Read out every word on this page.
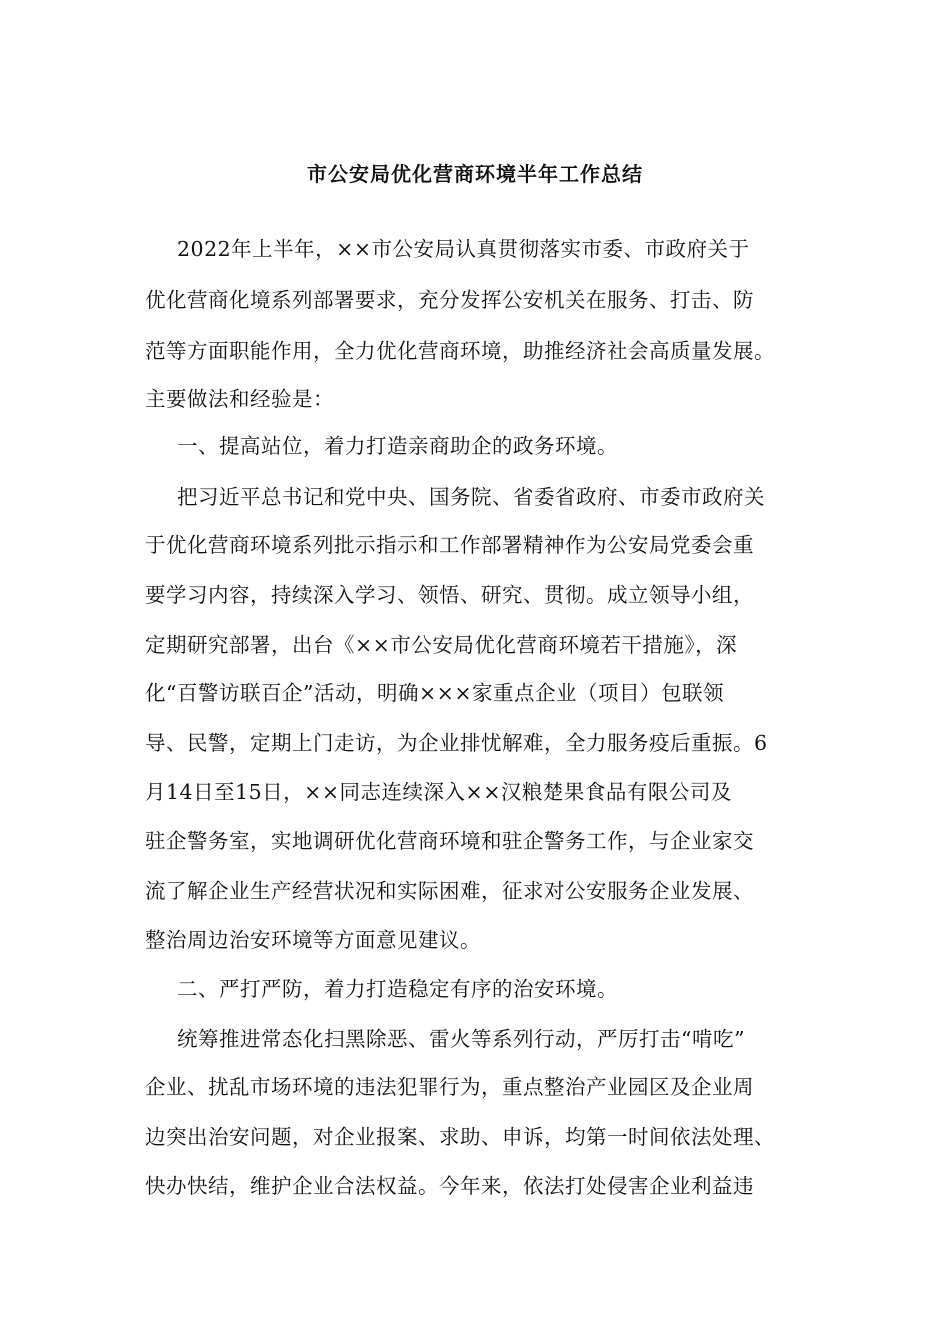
市公安局优化营商环境半年工作总结
2022年上半年，××市公安局认真贯彻落实市委、市政府关于
优化营商化境系列部署要求，充分发挥公安机关在服务、打击、防
范等方面职能作用，全力优化营商环境，助推经济社会高质量发展。
主要做法和经验是：
一、提高站位，着力打造亲商助企的政务环境。
把习近平总书记和党中央、国务院、省委省政府、市委市政府关
于优化营商环境系列批示指示和工作部署精神作为公安局党委会重
要学习内容，持续深入学习、领悟、研究、贯彻。成立领导小组，
定期研究部署，出台《××市公安局优化营商环境若干措施》，深
化“百警访联百企”活动，明确×××家重点企业（项目）包联领
导、民警，定期上门走访，为企业排忧解难，全力服务疫后重振。6
月14日至15日，××同志连续深入××汉粮楚果食品有限公司及
驻企警务室，实地调研优化营商环境和驻企警务工作，与企业家交
流了解企业生产经营状况和实际困难，征求对公安服务企业发展、
整治周边治安环境等方面意见建议。
二、严打严防，着力打造稳定有序的治安环境。
统筹推进常态化扫黑除恶、雷火等系列行动，严厉打击“啃吃”
企业、扰乱市场环境的违法犯罪行为，重点整治产业园区及企业周
边突出治安问题，对企业报案、求助、申诉，均第一时间依法处理、
快办快结，维护企业合法权益。今年来，依法打处侵害企业利益违
